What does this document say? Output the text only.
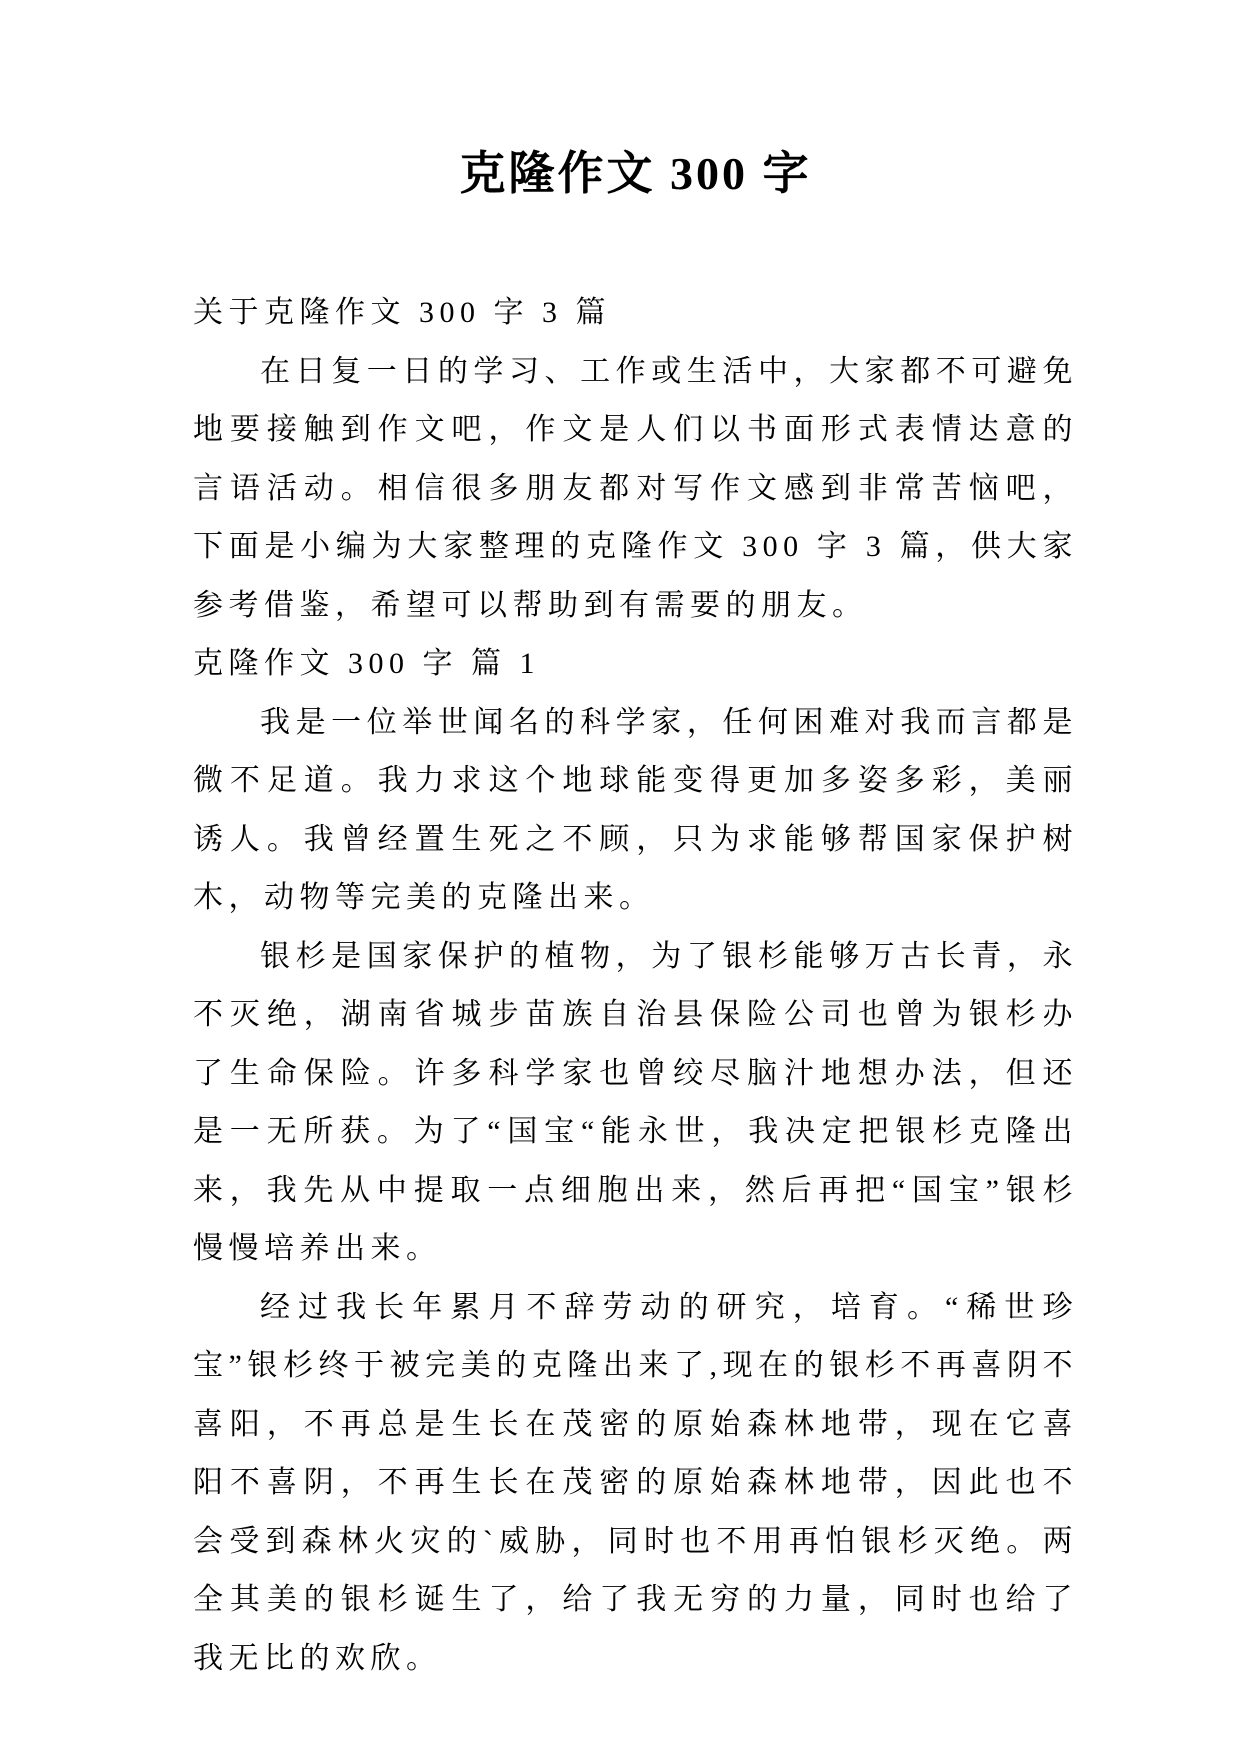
克隆作文 300 字

关于克隆作文 300 字 3 篇

在日复一日的学习、工作或生活中，大家都不可避免地要接触到作文吧，作文是人们以书面形式表情达意的言语活动。相信很多朋友都对写作文感到非常苦恼吧，下面是小编为大家整理的克隆作文 300 字 3 篇，供大家参考借鉴，希望可以帮助到有需要的朋友。

克隆作文 300 字 篇 1

我是一位举世闻名的科学家，任何困难对我而言都是微不足道。我力求这个地球能变得更加多姿多彩，美丽诱人。我曾经置生死之不顾，只为求能够帮国家保护树木，动物等完美的克隆出来。

银杉是国家保护的植物，为了银杉能够万古长青，永不灭绝，湖南省城步苗族自治县保险公司也曾为银杉办了生命保险。许多科学家也曾绞尽脑汁地想办法，但还是一无所获。为了“国宝“能永世，我决定把银杉克隆出来，我先从中提取一点细胞出来，然后再把“国宝”银杉慢慢培养出来。

经过我长年累月不辞劳动的研究，培育。“稀世珍宝”银杉终于被完美的克隆出来了,现在的银杉不再喜阴不喜阳，不再总是生长在茂密的原始森林地带，现在它喜阳不喜阴，不再生长在茂密的原始森林地带，因此也不会受到森林火灾的`威胁，同时也不用再怕银杉灭绝。两全其美的银杉诞生了，给了我无穷的力量，同时也给了我无比的欢欣。
